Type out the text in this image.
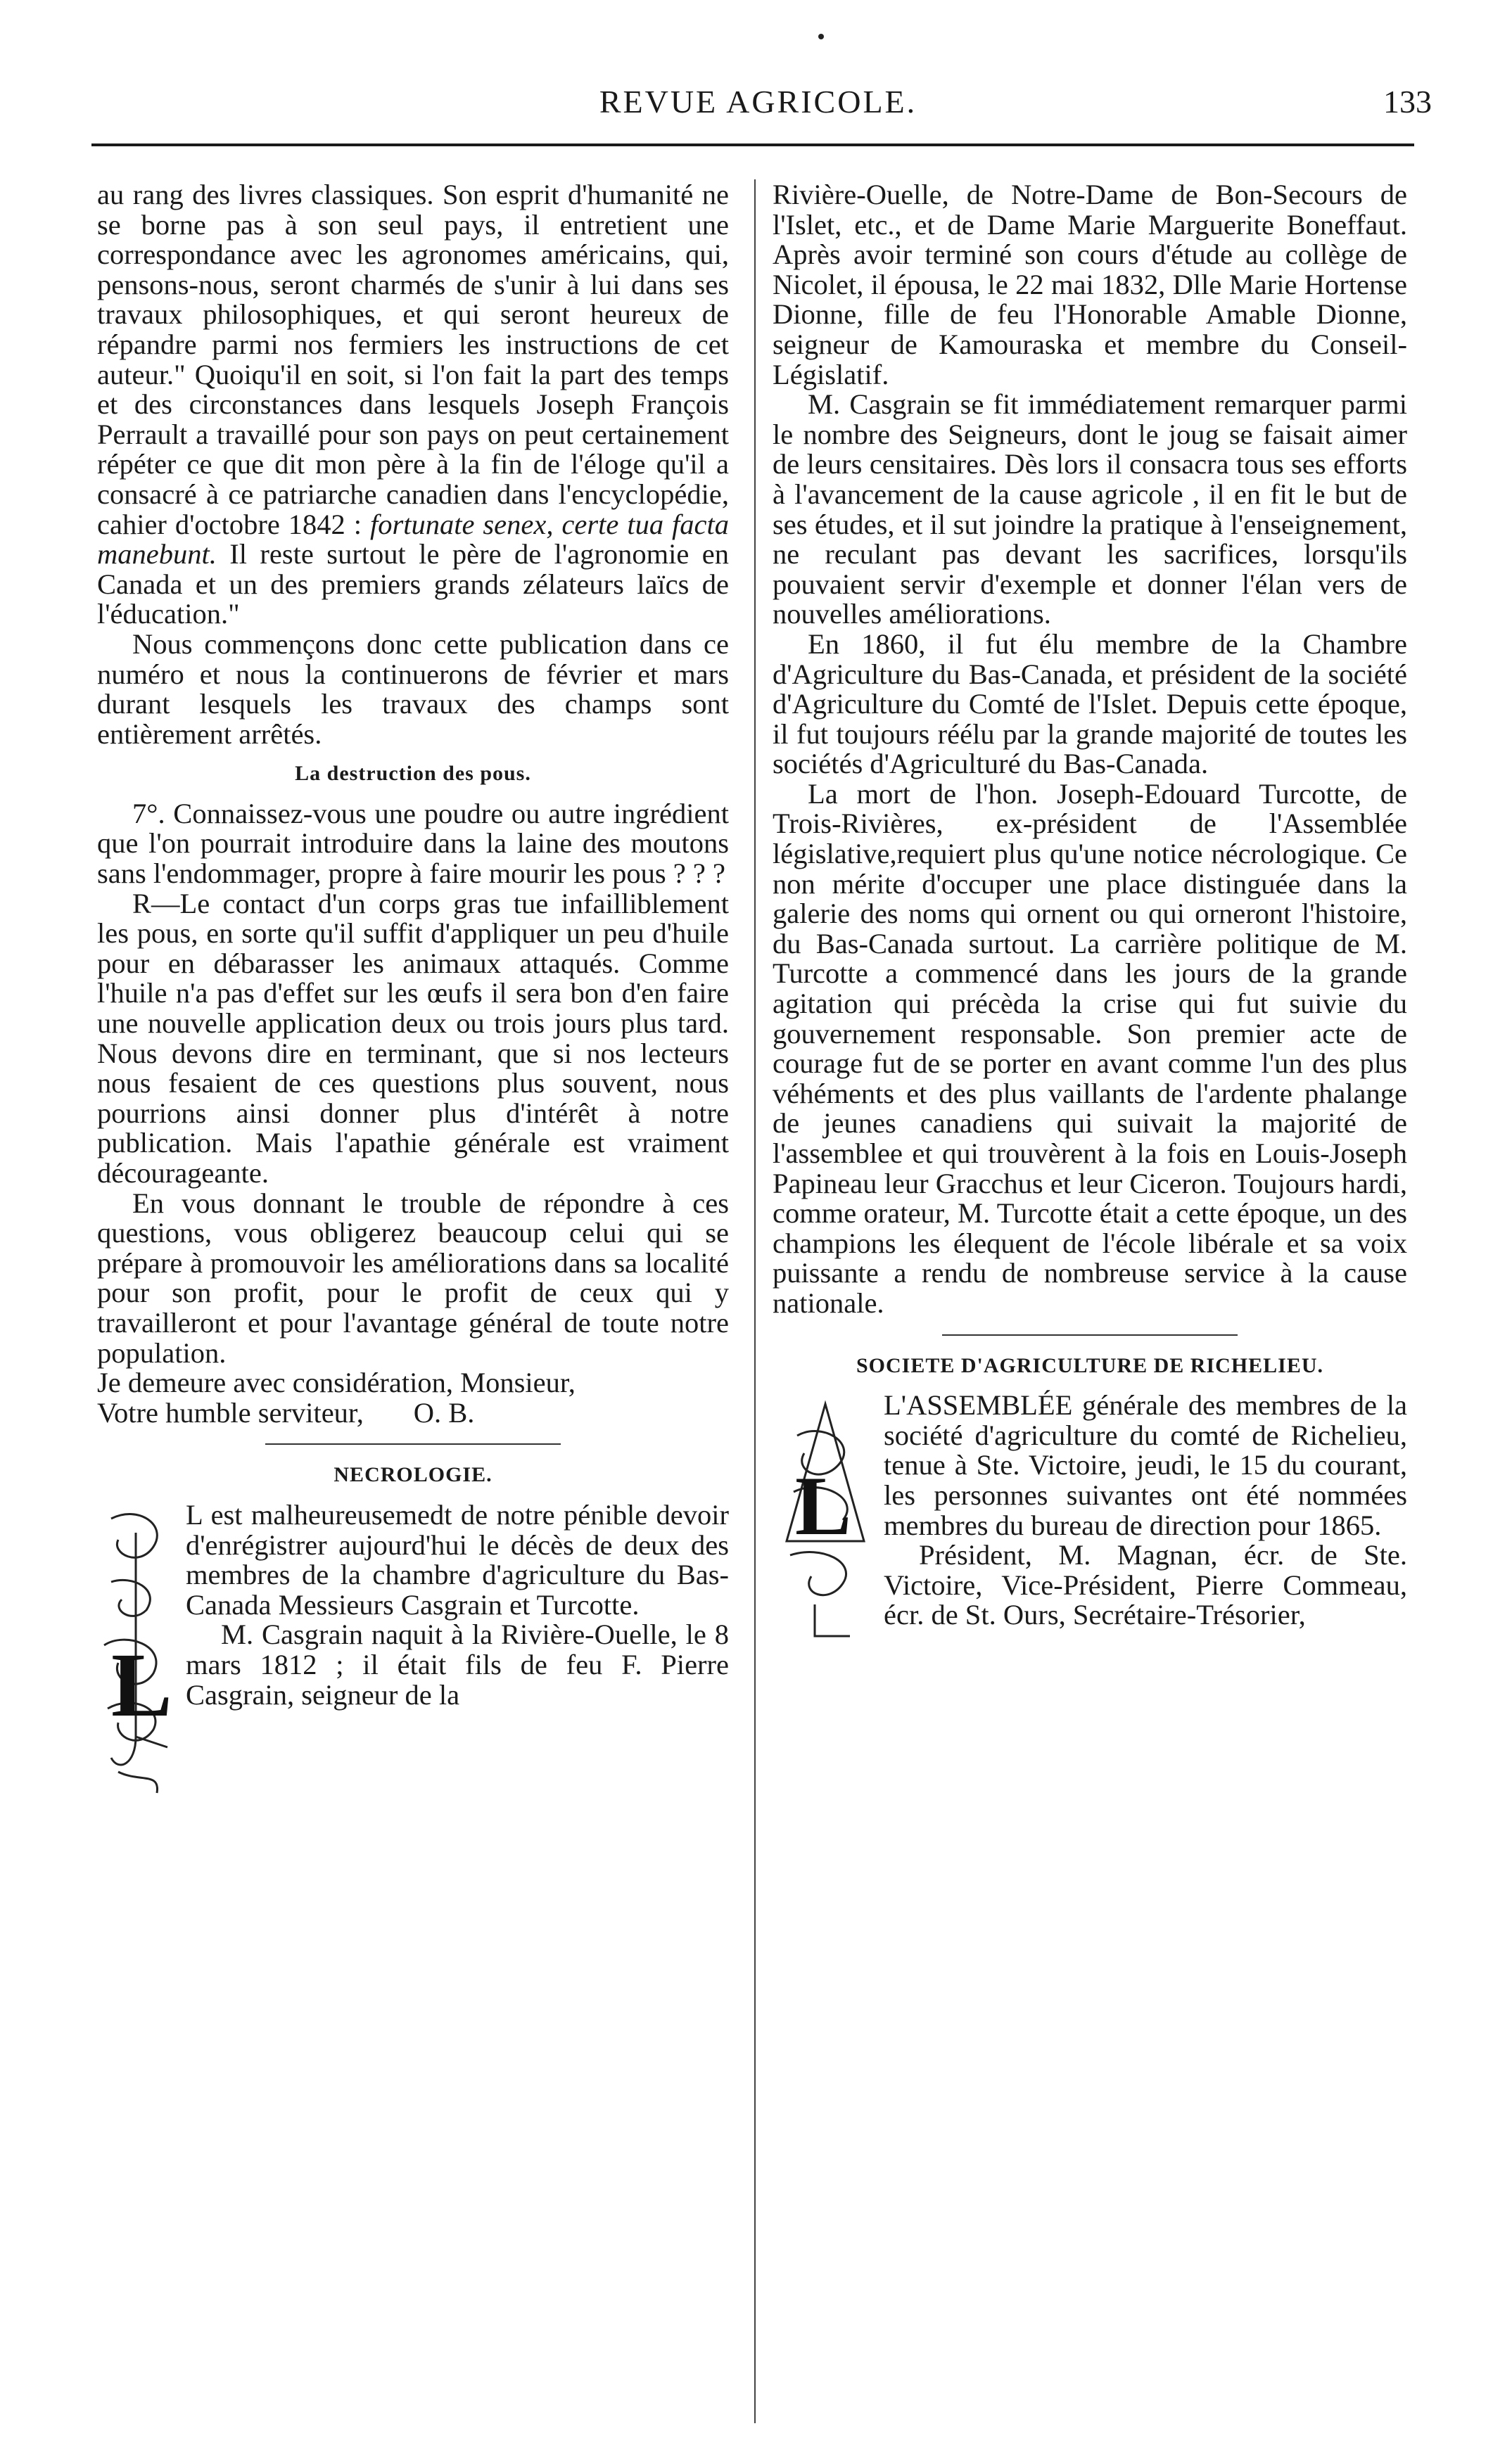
REVUE AGRICOLE.	133

au rang des livres classiques. Son esprit d'humanité ne se borne pas à son seul pays, il entretient une correspondance avec les agronomes américains, qui, pensons-nous, seront charmés de s'unir à lui dans ses travaux philosophiques, et qui seront heureux de répandre parmi nos fermiers les instructions de cet auteur." Quoiqu'il en soit, si l'on fait la part des temps et des circonstances dans lesquels Joseph François Perrault a travaillé pour son pays on peut certainement répéter ce que dit mon père à la fin de l'éloge qu'il a consacré à ce patriarche canadien dans l'encyclopédie, cahier d'octobre 1842 : fortunate senex, certe tua facta manebunt. Il reste surtout le père de l'agronomie en Canada et un des premiers grands zélateurs laïcs de l'éducation."

Nous commençons donc cette publication dans ce numéro et nous la continuerons de février et mars durant lesquels les travaux des champs sont entièrement arrêtés.

La destruction des pous.

7°. Connaissez-vous une poudre ou autre ingrédient que l'on pourrait introduire dans la laine des moutons sans l'endommager, propre à faire mourir les pous ? ? ?

R—Le contact d'un corps gras tue infailliblement les pous, en sorte qu'il suffit d'appliquer un peu d'huile pour en débarasser les animaux attaqués. Comme l'huile n'a pas d'effet sur les œufs il sera bon d'en faire une nouvelle application deux ou trois jours plus tard. Nous devons dire en terminant, que si nos lecteurs nous fesaient de ces questions plus souvent, nous pourrions ainsi donner plus d'intérêt à notre publication. Mais l'apathie générale est vraiment décourageante.

En vous donnant le trouble de répondre à ces questions, vous obligerez beaucoup celui qui se prépare à promouvoir les améliorations dans sa localité pour son profit, pour le profit de ceux qui y travailleront et pour l'avantage général de toute notre population.

Je demeure avec considération, Monsieur,

Votre humble serviteur, O. B.

NECROLOGIE.
L

L est malheureusemedt de notre pénible devoir d'enrégistrer aujourd'hui le décès de deux des membres de la chambre d'agriculture du Bas-Canada Messieurs Casgrain et Turcotte.

M. Casgrain naquit à la Rivière-Ouelle, le 8 mars 1812 ; il était fils de feu F. Pierre Casgrain, seigneur de la

Rivière-Ouelle, de Notre-Dame de Bon-Secours de l'Islet, etc., et de Dame Marie Marguerite Boneffaut. Après avoir terminé son cours d'étude au collège de Nicolet, il épousa, le 22 mai 1832, Dlle Marie Hortense Dionne, fille de feu l'Honorable Amable Dionne, seigneur de Kamouraska et membre du Conseil-Législatif.

M. Casgrain se fit immédiatement remarquer parmi le nombre des Seigneurs, dont le joug se faisait aimer de leurs censitaires. Dès lors il consacra tous ses efforts à l'avancement de la cause agricole , il en fit le but de ses études, et il sut joindre la pratique à l'enseignement, ne reculant pas devant les sacrifices, lorsqu'ils pouvaient servir d'exemple et donner l'élan vers de nouvelles améliorations.

En 1860, il fut élu membre de la Chambre d'Agriculture du Bas-Canada, et président de la société d'Agriculture du Comté de l'Islet. Depuis cette époque, il fut toujours réélu par la grande majorité de toutes les sociétés d'Agriculturé du Bas-Canada.

La mort de l'hon. Joseph-Edouard Turcotte, de Trois-Rivières, ex-président de l'Assemblée législative,requiert plus qu'une notice nécrologique. Ce non mérite d'occuper une place distinguée dans la galerie des noms qui ornent ou qui orneront l'histoire, du Bas-Canada surtout. La carrière politique de M. Turcotte a commencé dans les jours de la grande agitation qui précèda la crise qui fut suivie du gouvernement responsable. Son premier acte de courage fut de se porter en avant comme l'un des plus véhéments et des plus vaillants de l'ardente phalange de jeunes canadiens qui suivait la majorité de l'assemblee et qui trouvèrent à la fois en Louis-Joseph Papineau leur Gracchus et leur Ciceron. Toujours hardi, comme orateur, M. Turcotte était a cette époque, un des champions les élequent de l'école libérale et sa voix puissante a rendu de nombreuse service à la cause nationale.

SOCIETE D'AGRICULTURE DE RICHELIEU.
L

L'ASSEMBLÉE générale des membres de la société d'agriculture du comté de Richelieu, tenue à Ste. Victoire, jeudi, le 15 du courant, les personnes suivantes ont été nommées membres du bureau de direction pour 1865.

Président, M. Magnan, écr. de Ste. Victoire, Vice-Président, Pierre Commeau, écr. de St. Ours, Secrétaire-Trésorier,
